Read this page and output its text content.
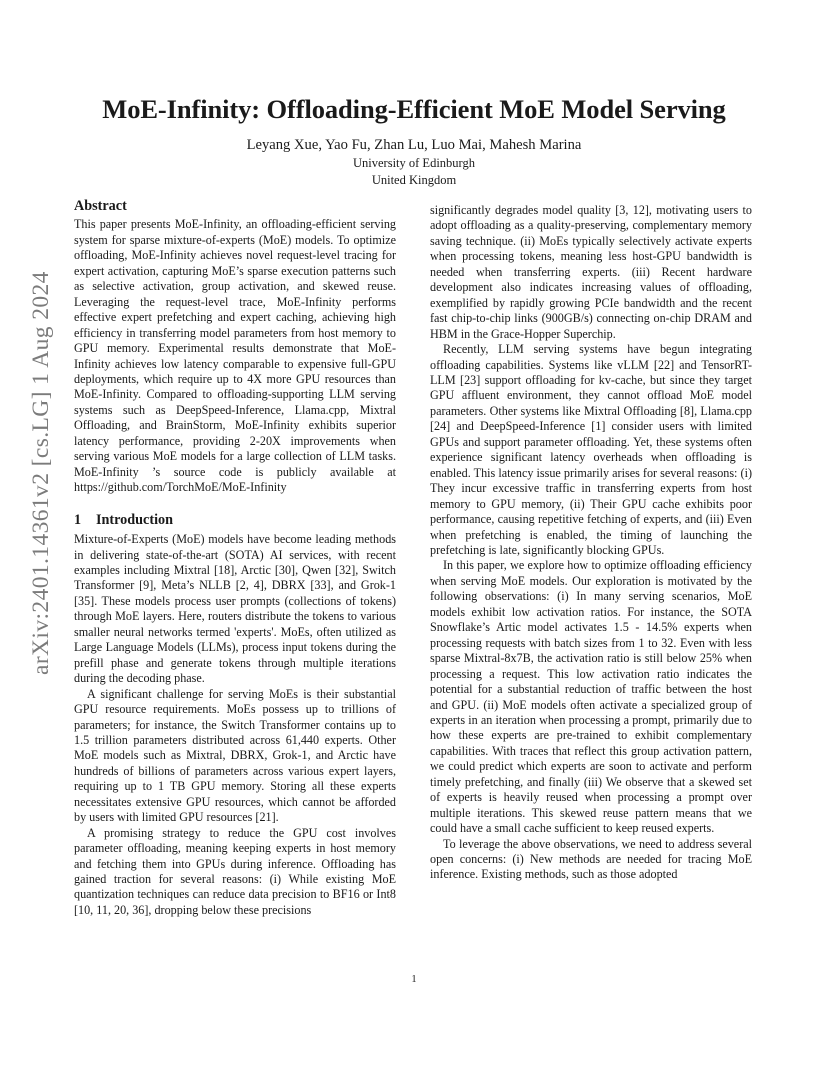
MoE-Infinity: Offloading-Efficient MoE Model Serving
Leyang Xue, Yao Fu, Zhan Lu, Luo Mai, Mahesh Marina
University of Edinburgh
United Kingdom
arXiv:2401.14361v2 [cs.LG] 1 Aug 2024
Abstract

This paper presents MoE-Infinity, an offloading-efficient serving system for sparse mixture-of-experts (MoE) models. To optimize offloading, MoE-Infinity achieves novel request-level tracing for expert activation, capturing MoE’s sparse execution patterns such as selective activation, group activation, and skewed reuse. Leveraging the request-level trace, MoE-Infinity performs effective expert prefetching and expert caching, achieving high efficiency in transferring model parameters from host memory to GPU memory. Experimental results demonstrate that MoE-Infinity achieves low latency comparable to expensive full-GPU deployments, which require up to 4X more GPU resources than MoE-Infinity. Compared to offloading-supporting LLM serving systems such as DeepSpeed-Inference, Llama.cpp, Mixtral Offloading, and BrainStorm, MoE-Infinity exhibits superior latency performance, providing 2-20X improvements when serving various MoE models for a large collection of LLM tasks. MoE-Infinity ’s source code is publicly available at https://github.com/TorchMoE/MoE-Infinity

1 Introduction

Mixture-of-Experts (MoE) models have become leading methods in delivering state-of-the-art (SOTA) AI services, with recent examples including Mixtral [18], Arctic [30], Qwen [32], Switch Transformer [9], Meta’s NLLB [2, 4], DBRX [33], and Grok-1 [35]. These models process user prompts (collections of tokens) through MoE layers. Here, routers distribute the tokens to various smaller neural networks termed 'experts'. MoEs, often utilized as Large Language Models (LLMs), process input tokens during the prefill phase and generate tokens through multiple iterations during the decoding phase.

A significant challenge for serving MoEs is their substantial GPU resource requirements. MoEs possess up to trillions of parameters; for instance, the Switch Transformer contains up to 1.5 trillion parameters distributed across 61,440 experts. Other MoE models such as Mixtral, DBRX, Grok-1, and Arctic have hundreds of billions of parameters across various expert layers, requiring up to 1 TB GPU memory. Storing all these experts necessitates extensive GPU resources, which cannot be afforded by users with limited GPU resources [21].

A promising strategy to reduce the GPU cost involves parameter offloading, meaning keeping experts in host memory and fetching them into GPUs during inference. Offloading has gained traction for several reasons: (i) While existing MoE quantization techniques can reduce data precision to BF16 or Int8 [10, 11, 20, 36], dropping below these precisions

significantly degrades model quality [3, 12], motivating users to adopt offloading as a quality-preserving, complementary memory saving technique. (ii) MoEs typically selectively activate experts when processing tokens, meaning less host-GPU bandwidth is needed when transferring experts. (iii) Recent hardware development also indicates increasing values of offloading, exemplified by rapidly growing PCIe bandwidth and the recent fast chip-to-chip links (900GB/s) connecting on-chip DRAM and HBM in the Grace-Hopper Superchip.

Recently, LLM serving systems have begun integrating offloading capabilities. Systems like vLLM [22] and TensorRT-LLM [23] support offloading for kv-cache, but since they target GPU affluent environment, they cannot offload MoE model parameters. Other systems like Mixtral Offloading [8], Llama.cpp [24] and DeepSpeed-Inference [1] consider users with limited GPUs and support parameter offloading. Yet, these systems often experience significant latency overheads when offloading is enabled. This latency issue primarily arises for several reasons: (i) They incur excessive traffic in transferring experts from host memory to GPU memory, (ii) Their GPU cache exhibits poor performance, causing repetitive fetching of experts, and (iii) Even when prefetching is enabled, the timing of launching the prefetching is late, significantly blocking GPUs.

In this paper, we explore how to optimize offloading efficiency when serving MoE models. Our exploration is motivated by the following observations: (i) In many serving scenarios, MoE models exhibit low activation ratios. For instance, the SOTA Snowflake’s Artic model activates 1.5 - 14.5% experts when processing requests with batch sizes from 1 to 32. Even with less sparse Mixtral-8x7B, the activation ratio is still below 25% when processing a request. This low activation ratio indicates the potential for a substantial reduction of traffic between the host and GPU. (ii) MoE models often activate a specialized group of experts in an iteration when processing a prompt, primarily due to how these experts are pre-trained to exhibit complementary capabilities. With traces that reflect this group activation pattern, we could predict which experts are soon to activate and perform timely prefetching, and finally (iii) We observe that a skewed set of experts is heavily reused when processing a prompt over multiple iterations. This skewed reuse pattern means that we could have a small cache sufficient to keep reused experts.

To leverage the above observations, we need to address several open concerns: (i) New methods are needed for tracing MoE inference. Existing methods, such as those adopted

1
